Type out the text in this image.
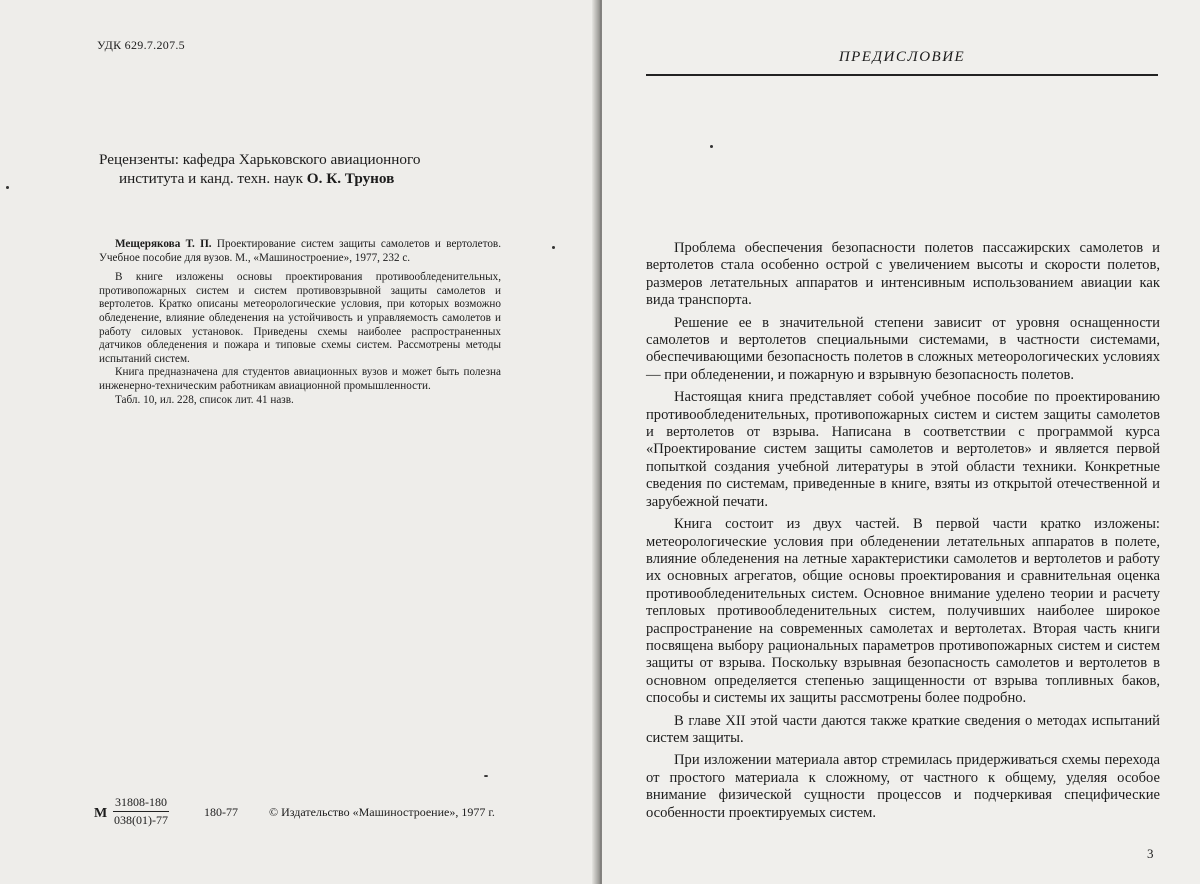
УДК 629.7.207.5
Рецензенты: кафедра Харьковского авиационного
института и канд. техн. наук О. К. Трунов

Мещерякова Т. П. Проектирование систем защиты самолетов и вертолетов. Учебное пособие для вузов. М., «Машиностроение», 1977, 232 с.

В книге изложены основы проектирования противообледенительных, противопожарных систем и систем противовзрывной защиты самолетов и вертолетов. Кратко описаны метеорологические условия, при которых возможно обледенение, влияние обледенения на устойчивость и управляемость самолетов и работу силовых установок. Приведены схемы наиболее распространенных датчиков обледенения и пожара и типовые схемы систем. Рассмотрены методы испытаний систем.

Книга предназначена для студентов авиационных вузов и может быть полезна инженерно-техническим работникам авиационной промышленности.

Табл. 10, ил. 228, список лит. 41 назв.

М $\frac{31808-180}{038(01)-77}$	180-77	© Издательство «Машиностроение», 1977 г.
ПРЕДИСЛОВИЕ

Проблема обеспечения безопасности полетов пассажирских самолетов и вертолетов стала особенно острой с увеличением высоты и скорости полетов, размеров летательных аппаратов и интенсивным использованием авиации как вида транспорта.

Решение ее в значительной степени зависит от уровня оснащенности самолетов и вертолетов специальными системами, в частности системами, обеспечивающими безопасность полетов в сложных метеорологических условиях — при обледенении, и пожарную и взрывную безопасность полетов.

Настоящая книга представляет собой учебное пособие по проектированию противообледенительных, противопожарных систем и систем защиты самолетов и вертолетов от взрыва. Написана в соответствии с программой курса «Проектирование систем защиты самолетов и вертолетов» и является первой попыткой создания учебной литературы в этой области техники. Конкретные сведения по системам, приведенные в книге, взяты из открытой отечественной и зарубежной печати.

Книга состоит из двух частей. В первой части кратко изложены: метеорологические условия при обледенении летательных аппаратов в полете, влияние обледенения на летные характеристики самолетов и вертолетов и работу их основных агрегатов, общие основы проектирования и сравнительная оценка противообледенительных систем. Основное внимание уделено теории и расчету тепловых противообледенительных систем, получивших наиболее широкое распространение на современных самолетах и вертолетах. Вторая часть книги посвящена выбору рациональных параметров противопожарных систем и систем защиты от взрыва. Поскольку взрывная безопасность самолетов и вертолетов в основном определяется степенью защищенности от взрыва топливных баков, способы и системы их защиты рассмотрены более подробно.

В главе XII этой части даются также краткие сведения о методах испытаний систем защиты.

При изложении материала автор стремилась придерживаться схемы перехода от простого материала к сложному, от частного к общему, уделяя особое внимание физической сущности процессов и подчеркивая специфические особенности проектируемых систем.

3
